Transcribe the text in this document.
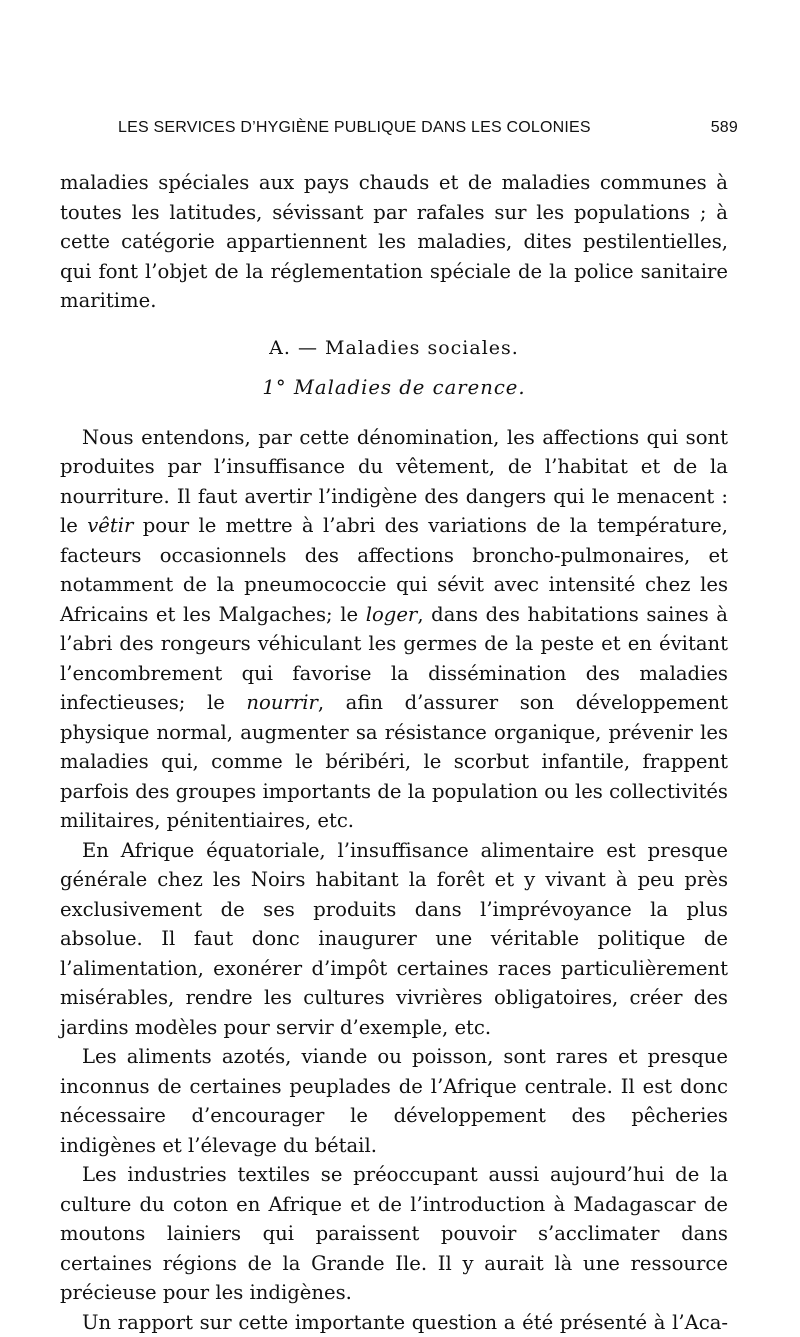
LES SERVICES D’HYGIÈNE PUBLIQUE DANS LES COLONIES	589

maladies spéciales aux pays chauds et de maladies communes à toutes les latitudes, sévissant par rafales sur les populations ; à cette catégorie appartiennent les maladies, dites pestilentielles, qui font l’objet de la réglementation spéciale de la police sanitaire maritime.

A. — Maladies sociales.

1° Maladies de carence.

Nous entendons, par cette dénomination, les affections qui sont produites par l’insuffisance du vêtement, de l’habitat et de la nourriture. Il faut avertir l’indigène des dangers qui le menacent : le vêtir pour le mettre à l’abri des variations de la température, facteurs occasionnels des affections broncho-pulmonaires, et notamment de la pneumococcie qui sévit avec intensité chez les Africains et les Malgaches; le loger, dans des habitations saines à l’abri des rongeurs véhiculant les germes de la peste et en évitant l’encombrement qui favorise la dissémination des maladies infectieuses; le nourrir, afin d’assurer son développement physique normal, augmenter sa résistance organique, prévenir les maladies qui, comme le béribéri, le scorbut infantile, frappent parfois des groupes importants de la population ou les collectivités militaires, pénitentiaires, etc.

En Afrique équatoriale, l’insuffisance alimentaire est presque générale chez les Noirs habitant la forêt et y vivant à peu près exclusivement de ses produits dans l’imprévoyance la plus absolue. Il faut donc inaugurer une véritable politique de l’alimentation, exonérer d’impôt certaines races particulièrement misérables, rendre les cultures vivrières obligatoires, créer des jardins modèles pour servir d’exemple, etc.

Les aliments azotés, viande ou poisson, sont rares et presque inconnus de certaines peuplades de l’Afrique centrale. Il est donc nécessaire d’encourager le développement des pêcheries indigènes et l’élevage du bétail.

Les industries textiles se préoccupant aussi aujourd’hui de la culture du coton en Afrique et de l’introduction à Madagascar de moutons lainiers qui paraissent pouvoir s’acclimater dans certaines régions de la Grande Ile. Il y aurait là une ressource précieuse pour les indigènes.

Un rapport sur cette importante question a été présenté à l’Aca-
